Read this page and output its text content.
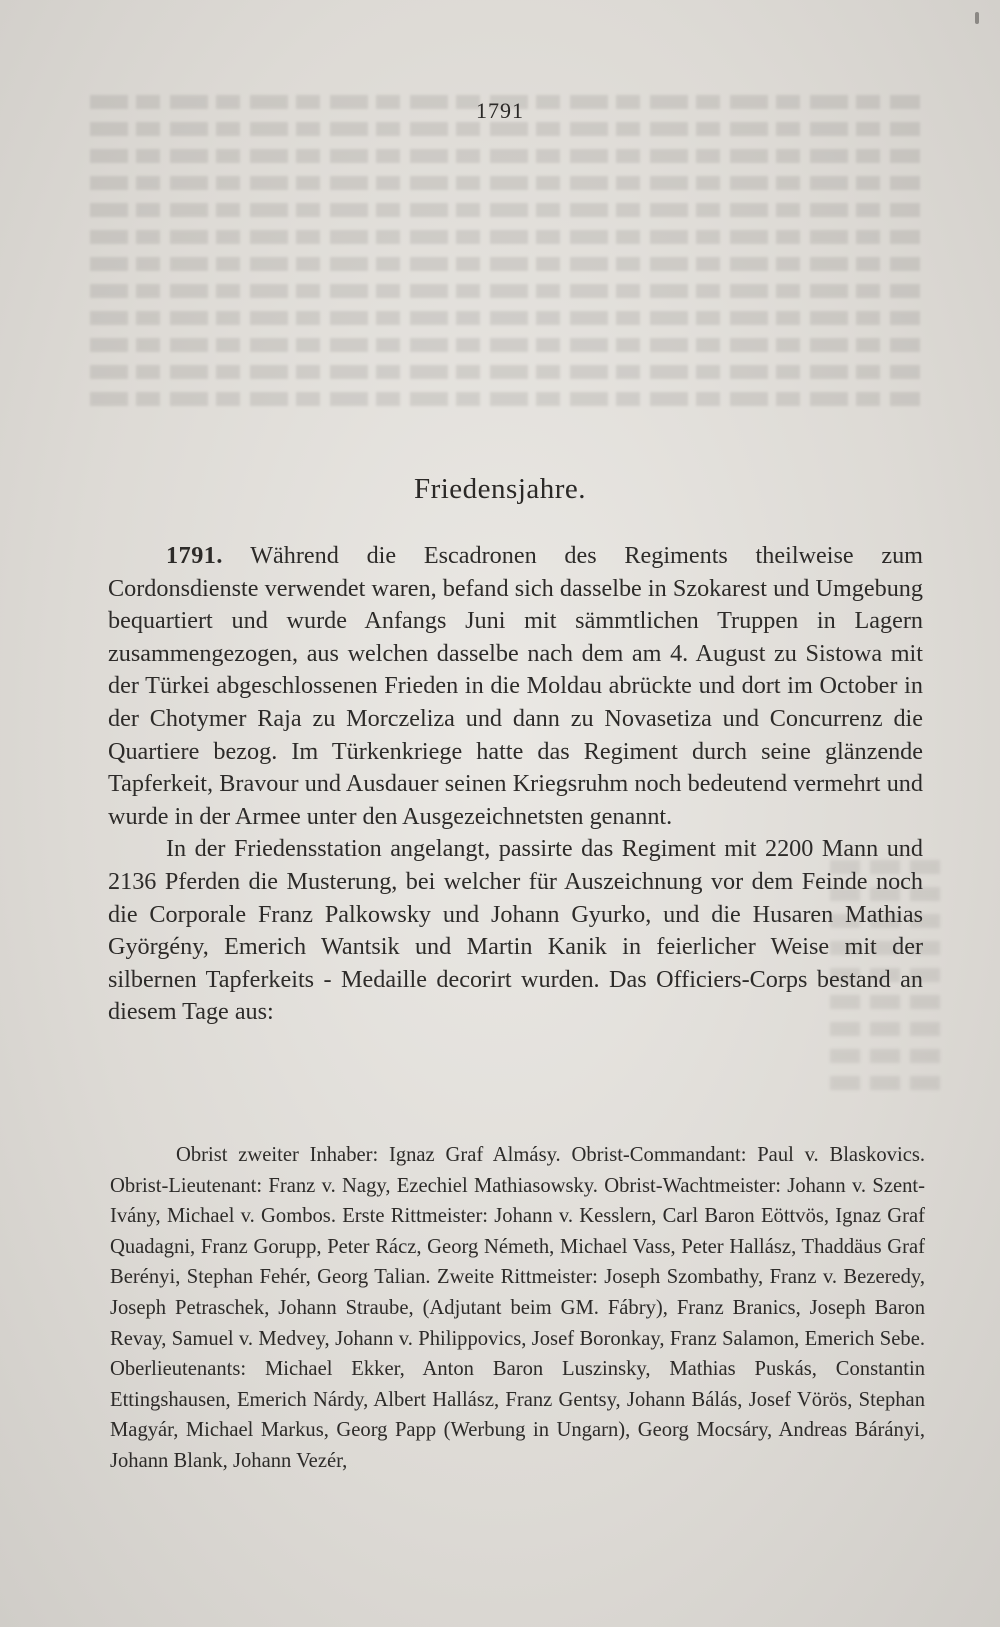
1791
Friedensjahre.

1791. Während die Escadronen des Regiments theilweise zum Cordonsdienste verwendet waren, befand sich dasselbe in Szokarest und Umgebung bequartiert und wurde Anfangs Juni mit sämmtlichen Truppen in Lagern zusammengezogen, aus welchen dasselbe nach dem am 4. August zu Sistowa mit der Türkei abgeschlossenen Frieden in die Moldau abrückte und dort im October in der Chotymer Raja zu Morczeliza und dann zu Novasetiza und Concurrenz die Quartiere bezog. Im Türkenkriege hatte das Regiment durch seine glänzende Tapferkeit, Bravour und Ausdauer seinen Kriegsruhm noch bedeutend vermehrt und wurde in der Armee unter den Ausgezeichnetsten genannt.

In der Friedensstation angelangt, passirte das Regiment mit 2200 Mann und 2136 Pferden die Musterung, bei welcher für Auszeichnung vor dem Feinde noch die Corporale Franz Palkowsky und Johann Gyurko, und die Husaren Mathias Györgény, Emerich Wantsik und Martin Kanik in feierlicher Weise mit der silbernen Tapferkeits - Medaille decorirt wurden. Das Officiers-Corps bestand an diesem Tage aus:

Obrist zweiter Inhaber: Ignaz Graf Almásy. Obrist-Commandant: Paul v. Blaskovics. Obrist-Lieutenant: Franz v. Nagy, Ezechiel Mathiasowsky. Obrist-Wachtmeister: Johann v. Szent-Ivány, Michael v. Gombos. Erste Rittmeister: Johann v. Kesslern, Carl Baron Eöttvös, Ignaz Graf Quadagni, Franz Gorupp, Peter Rácz, Georg Németh, Michael Vass, Peter Hallász, Thaddäus Graf Berényi, Stephan Fehér, Georg Talian. Zweite Rittmeister: Joseph Szombathy, Franz v. Bezeredy, Joseph Petraschek, Johann Straube, (Adjutant beim GM. Fábry), Franz Branics, Joseph Baron Revay, Samuel v. Medvey, Johann v. Philippovics, Josef Boronkay, Franz Salamon, Emerich Sebe. Oberlieutenants: Michael Ekker, Anton Baron Luszinsky, Mathias Puskás, Constantin Ettingshausen, Emerich Nárdy, Albert Hallász, Franz Gentsy, Johann Bálás, Josef Vörös, Stephan Magyár, Michael Markus, Georg Papp (Werbung in Ungarn), Georg Mocsáry, Andreas Bárányi, Johann Blank, Johann Vezér,
